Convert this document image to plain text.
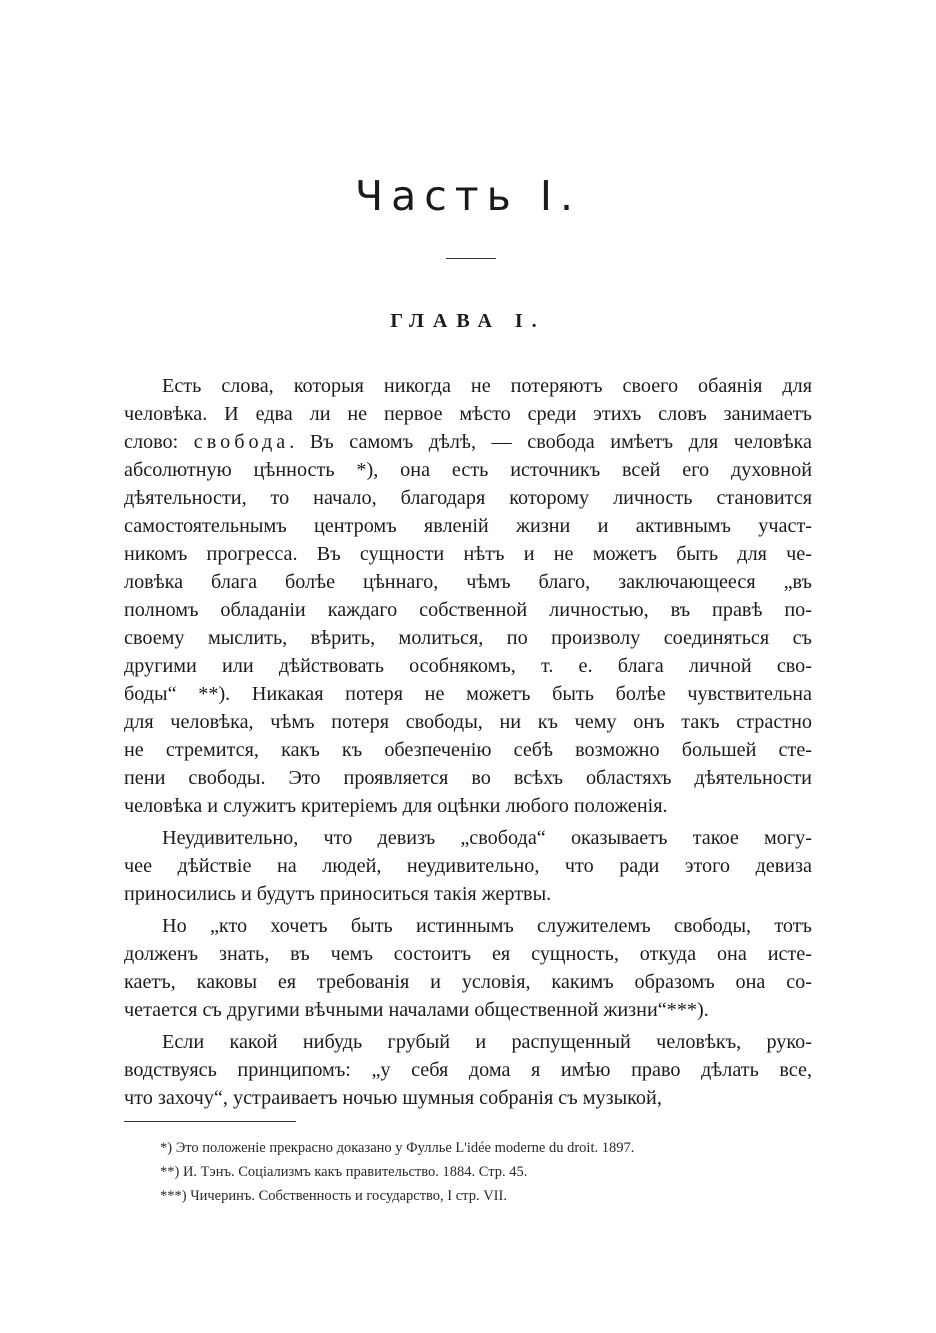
Часть I.
ГЛАВА I.
Есть слова, которыя никогда не потеряютъ своего обаянія для
человѣка. И едва ли не первое мѣсто среди этихъ словъ занимаетъ
слово: свобода. Въ самомъ дѣлѣ, — свобода имѣетъ для человѣка
абсолютную цѣнность *), она есть источникъ всей его духовной
дѣятельности, то начало, благодаря которому личность становится
самостоятельнымъ центромъ явленій жизни и активнымъ участ-
никомъ прогресса. Въ сущности нѣтъ и не можетъ быть для че-
ловѣка блага болѣе цѣннаго, чѣмъ благо, заключающееся „въ
полномъ обладаніи каждаго собственной личностью, въ правѣ по-
своему мыслить, вѣрить, молиться, по произволу соединяться съ
другими или дѣйствовать особнякомъ, т. е. блага личной сво-
боды“ **). Никакая потеря не можетъ быть болѣе чувствительна
для человѣка, чѣмъ потеря свободы, ни къ чему онъ такъ страстно
не стремится, какъ къ обезпеченію себѣ возможно большей сте-
пени свободы. Это проявляется во всѣхъ областяхъ дѣятельности
человѣка и служитъ критеріемъ для оцѣнки любого положенія.
Неудивительно, что девизъ „свобода“ оказываетъ такое могу-
чее дѣйствіе на людей, неудивительно, что ради этого девиза
приносились и будутъ приноситься такія жертвы.
Но „кто хочетъ быть истиннымъ служителемъ свободы, тотъ
долженъ знать, въ чемъ состоитъ ея сущность, откуда она исте-
каетъ, каковы ея требованія и условія, какимъ образомъ она со-
четается съ другими вѣчными началами общественной жизни“***).
Если какой нибудь грубый и распущенный человѣкъ, руко-
водствуясь принципомъ: „у себя дома я имѣю право дѣлать все,
что захочу“, устраиваетъ ночью шумныя собранія съ музыкой,
*) Это положеніе прекрасно доказано у Фуллье L'idée moderne du droit. 1897.
**) И. Тэнъ. Соціализмъ какъ правительство. 1884. Стр. 45.
***) Чичеринъ. Собственность и государство, I стр. VII.
